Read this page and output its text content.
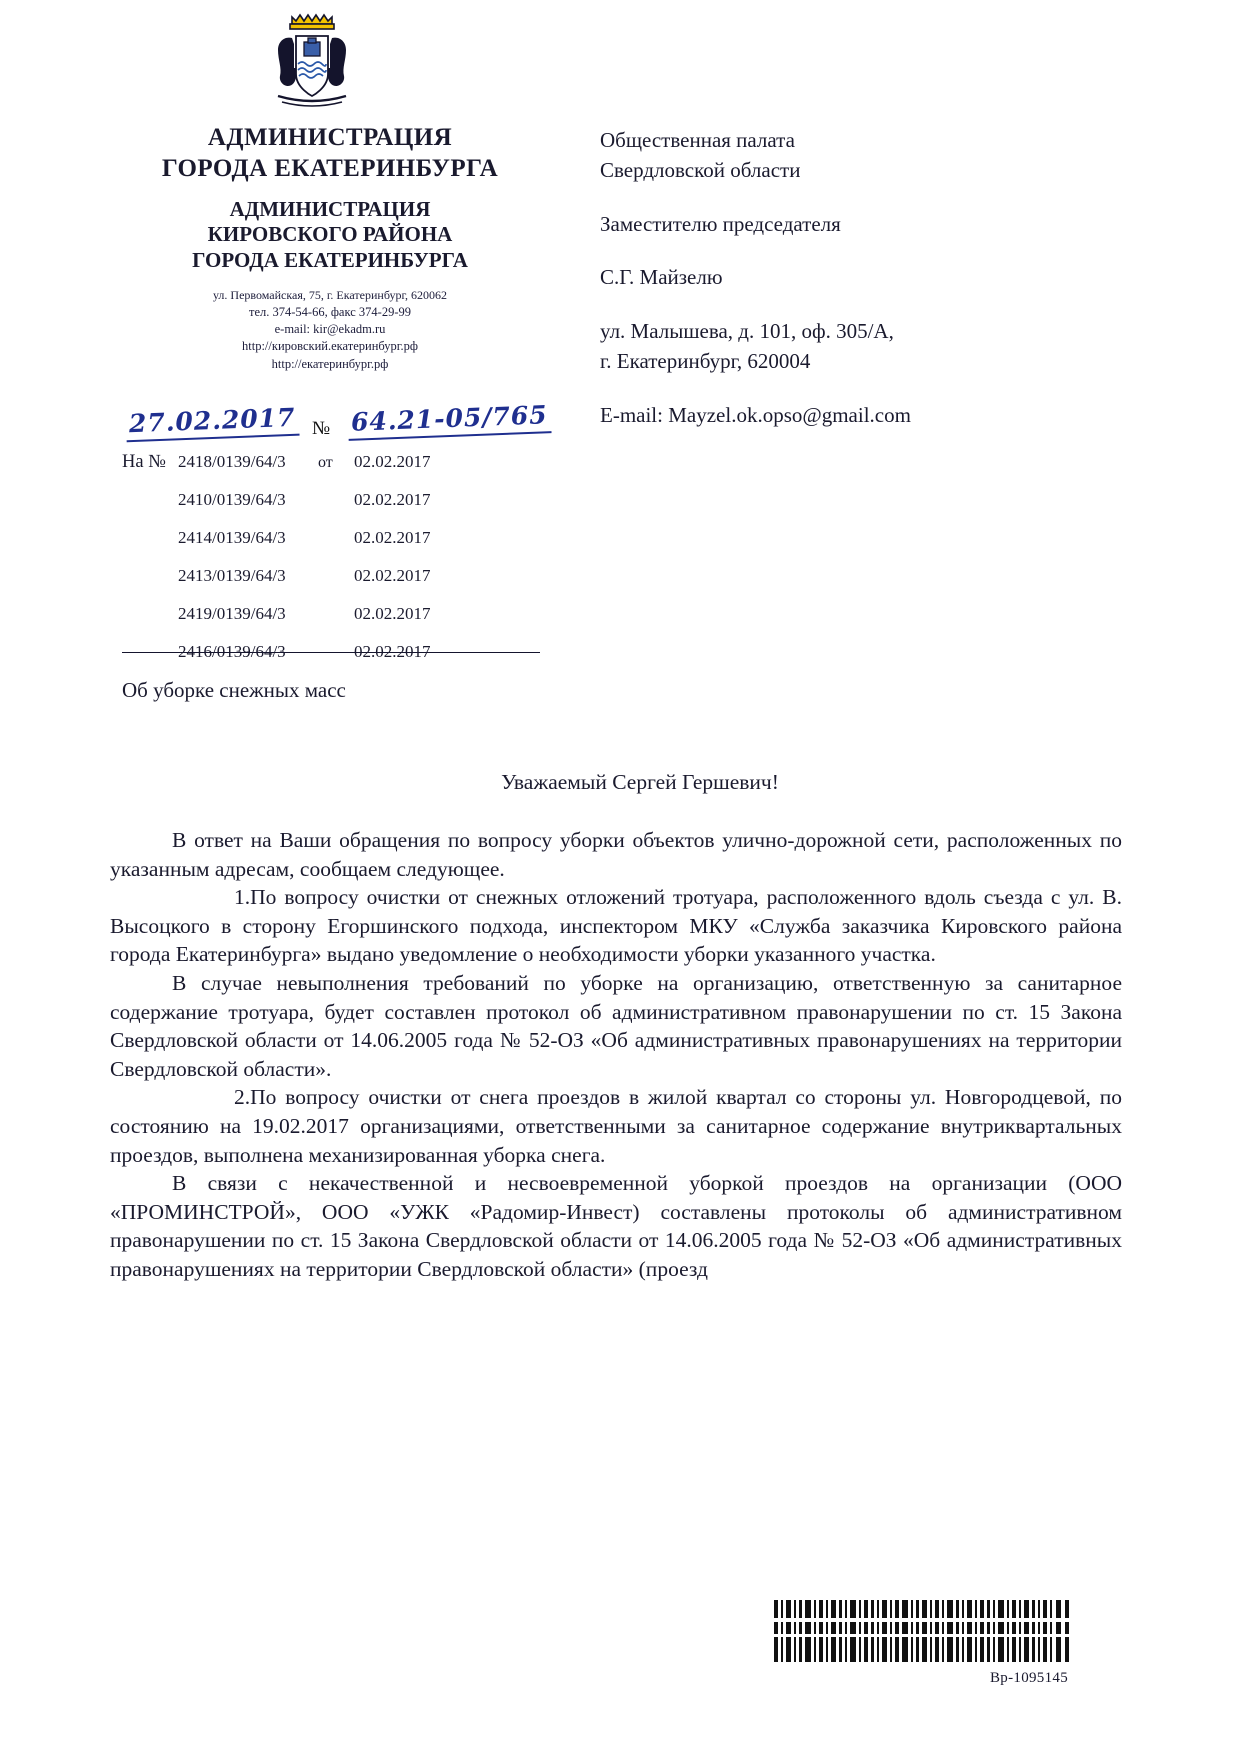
АДМИНИСТРАЦИЯ
ГОРОДА ЕКАТЕРИНБУРГА
АДМИНИСТРАЦИЯ
КИРОВСКОГО РАЙОНА
ГОРОДА ЕКАТЕРИНБУРГА
ул. Первомайская, 75, г. Екатеринбург, 620062
тел. 374-54-66, факс 374-29-99
e-mail: kir@ekadm.ru
http://кировский.екатеринбург.рф
http://екатеринбург.рф

Общественная палата

Свердловской области

Заместителю председателя

С.Г. Майзелю

ул. Малышева, д. 101, оф. 305/А,

г. Екатеринбург, 620004

E-mail: Mayzel.ok.opso@gmail.com

27.02.2017 № 64.21-05/765
На № 2418/0139/64/3	от	02.02.2017
2410/0139/64/3	02.02.2017
2414/0139/64/3	02.02.2017
2413/0139/64/3	02.02.2017
2419/0139/64/3	02.02.2017
2416/0139/64/3	02.02.2017
Об уборке снежных масс
Уважаемый Сергей Гершевич!

В ответ на Ваши обращения по вопросу уборки объектов улично-дорожной сети, расположенных по указанным адресам, сообщаем следующее.

1.По вопросу очистки от снежных отложений тротуара, расположенного вдоль съезда с ул. В. Высоцкого в сторону Егоршинского подхода, инспектором МКУ «Служба заказчика Кировского района города Екатеринбурга» выдано уведомление о необходимости уборки указанного участка.

В случае невыполнения требований по уборке на организацию, ответственную за санитарное содержание тротуара, будет составлен протокол об административном правонарушении по ст. 15 Закона Свердловской области от 14.06.2005 года № 52-ОЗ «Об административных правонарушениях на территории Свердловской области».

2.По вопросу очистки от снега проездов в жилой квартал со стороны ул. Новгородцевой, по состоянию на 19.02.2017 организациями, ответственными за санитарное содержание внутриквартальных проездов, выполнена механизированная уборка снега.

В связи с некачественной и несвоевременной уборкой проездов на организации (ООО «ПРОМИНСТРОЙ», ООО «УЖК «Радомир-Инвест) составлены протоколы об административном правонарушении по ст. 15 Закона Свердловской области от 14.06.2005 года № 52-ОЗ «Об административных правонарушениях на территории Свердловской области» (проезд

Вр-1095145
